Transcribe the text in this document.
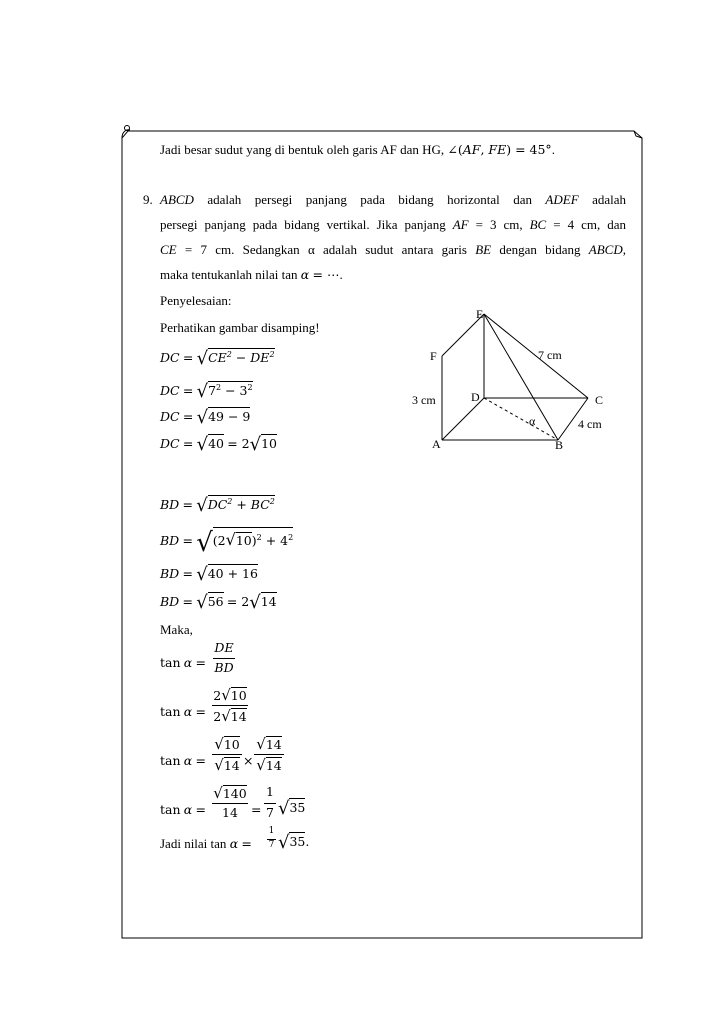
Jadi besar sudut yang di bentuk oleh garis AF dan HG, ∠(AF, FE) = 45°.
9. ABCD adalah persegi panjang pada bidang horizontal dan ADEF adalah
persegi panjang pada bidang vertikal. Jika panjang AF = 3 cm, BC = 4 cm, dan
CE = 7 cm. Sedangkan α adalah sudut antara garis BE dengan bidang ABCD,
maka tentukanlah nilai tan α = ⋯.
Penyelesaian:
Perhatikan gambar disamping!
DC = $√CE^2 - DE^2$
DC = $√7^2 - 3^2$
DC = √49 − 9
DC = √40 = 2√10
BD = $√DC^2 + BC^2$
BD = $√(2√10)^2 + 4^2$
BD = √40 + 16
BD = √56 = 2√14
Maka,
tan α =
DE
BD
tan α =
2√10
2√14
tan α =
√10
√14 ×
√14
√14
tan α =
√140
14	=
1
7 √35
Jadi nilai tan α =
1
7 √35.
E
F
D	C
A	B
α
7 cm
3 cm
4 cm
